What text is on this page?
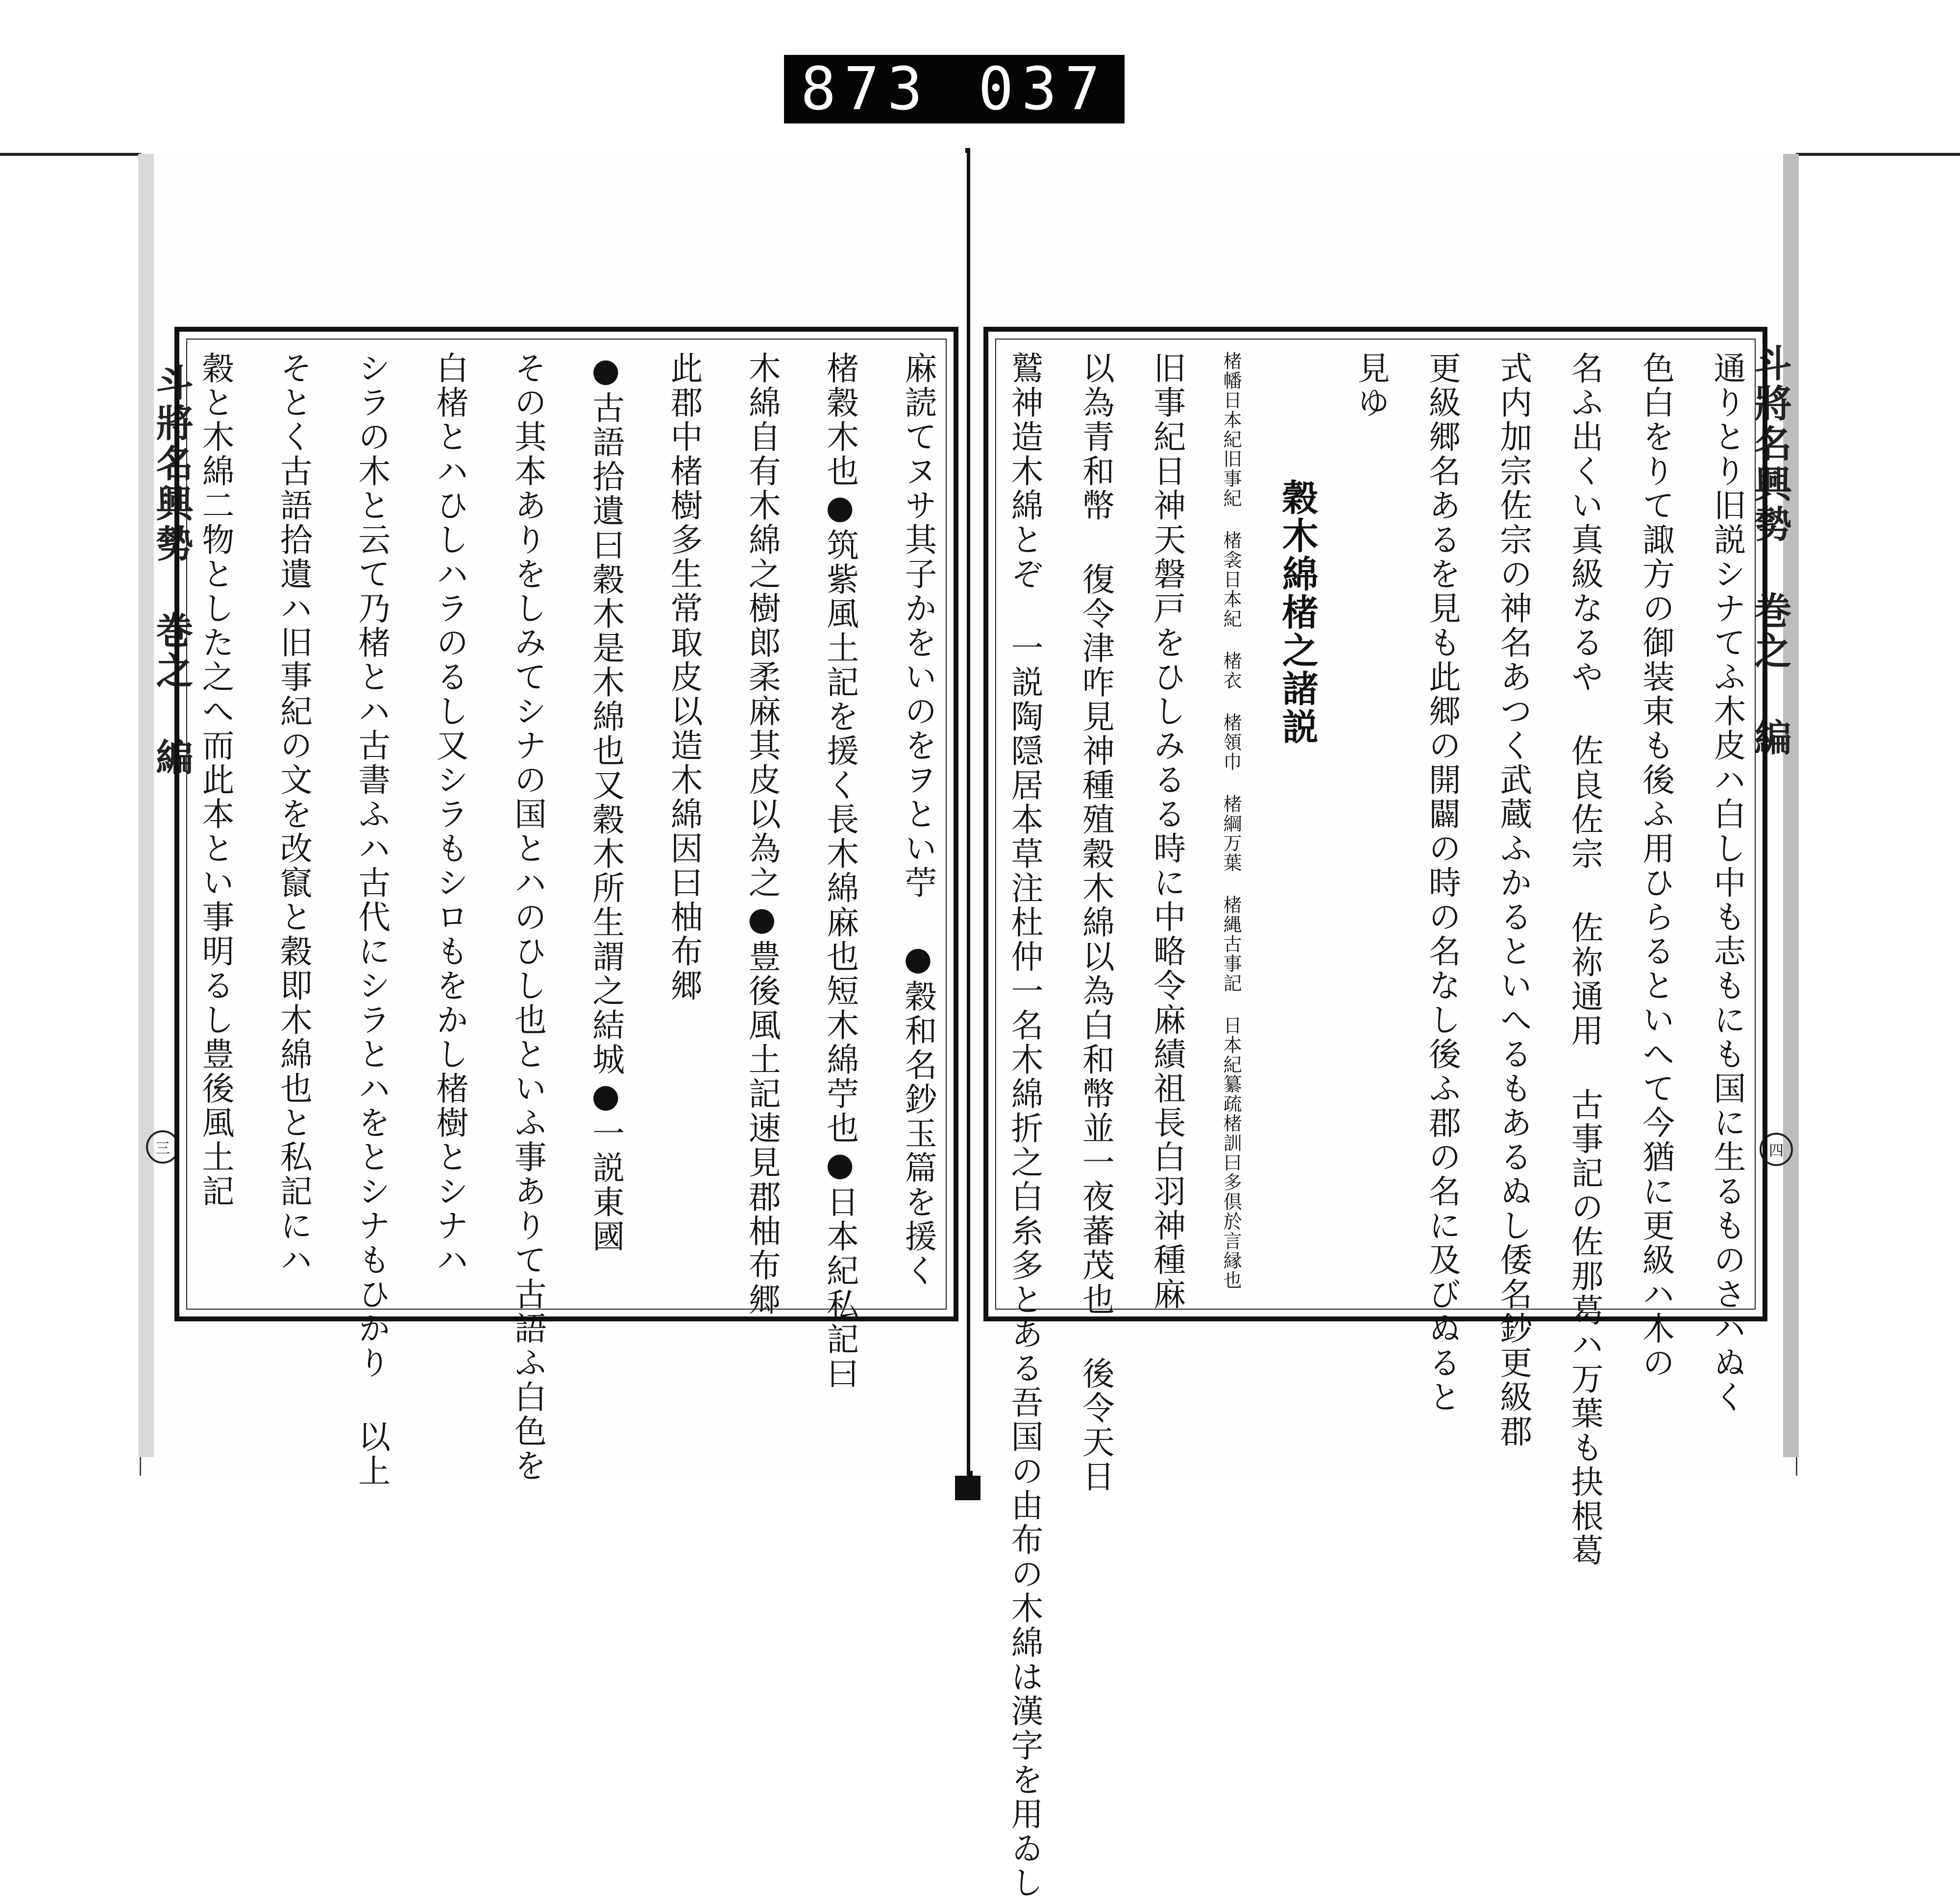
873 037
斗將名興勢 巻之 編
三	麻読てヌサ其子かをいのをヲとい苧 ●穀和名鈔玉篇を援く
楮穀木也●筑紫風土記を援く長木綿麻也短木綿苧也●日本紀私記曰
木綿自有木綿之樹郎柔麻其皮以為之●豊後風土記速見郡柚布郷
此郡中楮樹多生常取皮以造木綿因曰柚布郷
●古語拾遺曰穀木是木綿也又穀木所生謂之結城●一説東國
その其本ありをしみてシナの国とハのひし也といふ事ありて古語ふ白色を
白楮とハひしハラのるし又シラもシロもをかし楮樹とシナハ
シラの木と云て乃楮とハ古書ふハ古代にシラとハをとシナもひかり 以上
そとく古語拾遺ハ旧事紀の文を改竄と穀即木綿也と私記にハ
穀と木綿二物とした之へ而此本とい事明るし豊後風土記	斗將名興勢 巻之 編
四
通りとり旧説シナてふ木皮ハ白し中も志もにも国に生るものさハぬく
色白をりて諏方の御装束も後ふ用ひらるといへて今猶に更級ハ木の
名ふ出くい真級なるや 佐良佐宗 佐祢通用 古事記の佐那葛ハ万葉も抉根葛
式内加宗佐宗の神名あつく武蔵ふかるといへるもあるぬし倭名鈔更級郡
更級郷名あるを見も此郷の開闢の時の名なし後ふ郡の名に及びぬると
見ゆ
穀木綿楮之諸説
楮幡日本紀旧事紀 楮衾日本紀 楮衣 楮領巾 楮綱万葉 楮縄古事記 日本紀纂疏楮訓曰多倶於言縁也
旧事紀日神天磐戸をひしみるる時に中略令麻績祖長白羽神種麻
以為青和幣 復令津咋見神種殖穀木綿以為白和幣並一夜蕃茂也 後令天日
鷲神造木綿とぞ 一説陶隠居本草注杜仲一名木綿折之白糸多とある吾国の由布の木綿は漢字を用ゐし
